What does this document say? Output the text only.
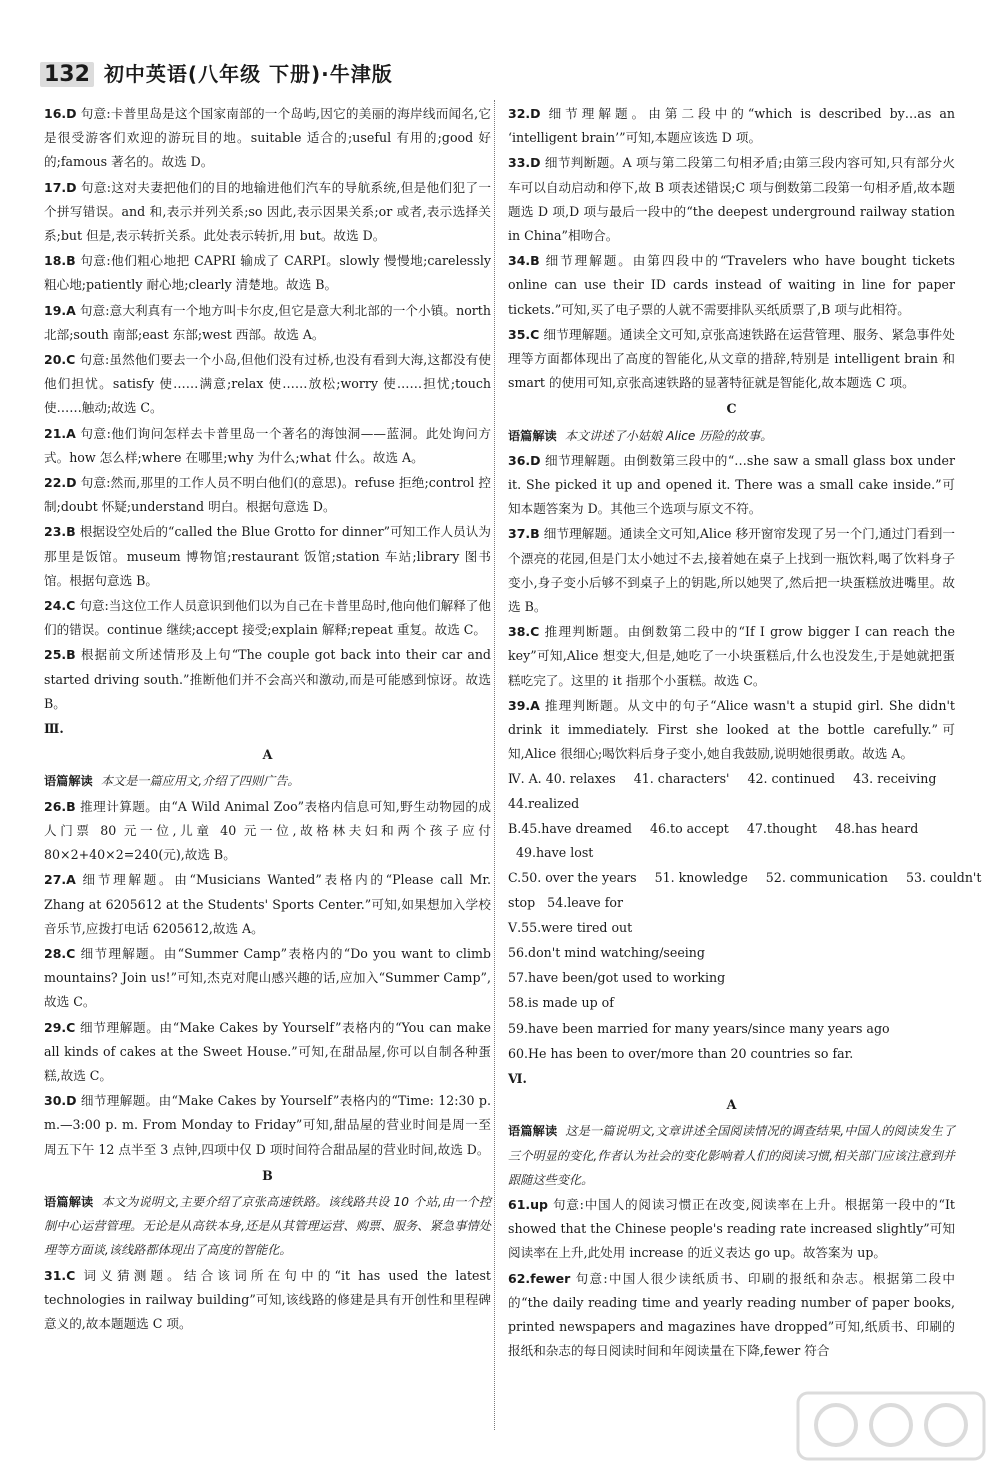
132 初中英语(八年级 下册)·牛津版
16.D 句意:卡普里岛是这个国家南部的一个岛屿,因它的美丽的海岸线而闻名,它是很受游客们欢迎的游玩目的地。suitable 适合的;useful 有用的;good 好的;famous 著名的。故选 D。
17.D 句意:这对夫妻把他们的目的地输进他们汽车的导航系统,但是他们犯了一个拼写错误。and 和,表示并列关系;so 因此,表示因果关系;or 或者,表示选择关系;but 但是,表示转折关系。此处表示转折,用 but。故选 D。
18.B 句意:他们粗心地把 CAPRI 输成了 CARPI。slowly 慢慢地;carelessly 粗心地;patiently 耐心地;clearly 清楚地。故选 B。
19.A 句意:意大利真有一个地方叫卡尔皮,但它是意大利北部的一个小镇。north 北部;south 南部;east 东部;west 西部。故选 A。
20.C 句意:虽然他们要去一个小岛,但他们没有过桥,也没有看到大海,这都没有使他们担忧。satisfy 使……满意;relax 使……放松;worry 使……担忧;touch 使……触动;故选 C。
21.A 句意:他们询问怎样去卡普里岛一个著名的海蚀洞——蓝洞。此处询问方式。how 怎么样;where 在哪里;why 为什么;what 什么。故选 A。
22.D 句意:然而,那里的工作人员不明白他们(的意思)。refuse 拒绝;control 控制;doubt 怀疑;understand 明白。根据句意选 D。
23.B 根据设空处后的“called the Blue Grotto for dinner”可知工作人员认为那里是饭馆。museum 博物馆;restaurant 饭馆;station 车站;library 图书馆。根据句意选 B。
24.C 句意:当这位工作人员意识到他们以为自己在卡普里岛时,他向他们解释了他们的错误。continue 继续;accept 接受;explain 解释;repeat 重复。故选 C。
25.B 根据前文所述情形及上句“The couple got back into their car and started driving south.”推断他们并不会高兴和激动,而是可能感到惊讶。故选 B。
Ⅲ.
A
语篇解读 本文是一篇应用文,介绍了四则广告。
26.B 推理计算题。由“A Wild Animal Zoo”表格内信息可知,野生动物园的成人门票 80 元一位,儿童 40 元一位,故格林夫妇和两个孩子应付 80×2+40×2=240(元),故选 B。
27.A 细节理解题。由“Musicians Wanted”表格内的“Please call Mr. Zhang at 6205612 at the Students' Sports Center.”可知,如果想加入学校音乐节,应拨打电话 6205612,故选 A。
28.C 细节理解题。由“Summer Camp”表格内的“Do you want to climb mountains? Join us!”可知,杰克对爬山感兴趣的话,应加入“Summer Camp”,故选 C。
29.C 细节理解题。由“Make Cakes by Yourself”表格内的“You can make all kinds of cakes at the Sweet House.”可知,在甜品屋,你可以自制各种蛋糕,故选 C。
30.D 细节理解题。由“Make Cakes by Yourself”表格内的“Time: 12:30 p. m.—3:00 p. m. From Monday to Friday”可知,甜品屋的营业时间是周一至周五下午 12 点半至 3 点钟,四项中仅 D 项时间符合甜品屋的营业时间,故选 D。
B
语篇解读 本文为说明文,主要介绍了京张高速铁路。该线路共设 10 个站,由一个控制中心运营管理。无论是从高铁本身,还是从其管理运营、购票、服务、紧急事情处理等方面谈,该线路都体现出了高度的智能化。
31.C 词义猜测题。结合该词所在句中的“it has used the latest technologies in railway building”可知,该线路的修建是具有开创性和里程碑意义的,故本题题选 C 项。
32.D 细节理解题。由第二段中的“which is described by…as an ‘intelligent brain’”可知,本题应该选 D 项。
33.D 细节判断题。A 项与第二段第二句相矛盾;由第三段内容可知,只有部分火车可以自动启动和停下,故 B 项表述错误;C 项与倒数第二段第一句相矛盾,故本题题选 D 项,D 项与最后一段中的“the deepest underground railway station in China”相吻合。
34.B 细节理解题。由第四段中的“Travelers who have bought tickets online can use their ID cards instead of waiting in line for paper tickets.”可知,买了电子票的人就不需要排队买纸质票了,B 项与此相符。
35.C 细节理解题。通读全文可知,京张高速铁路在运营管理、服务、紧急事件处理等方面都体现出了高度的智能化,从文章的措辞,特别是 intelligent brain 和 smart 的使用可知,京张高速铁路的显著特征就是智能化,故本题选 C 项。
C
语篇解读 本文讲述了小姑娘 Alice 历险的故事。
36.D 细节理解题。由倒数第三段中的“…she saw a small glass box under it. She picked it up and opened it. There was a small cake inside.”可知本题答案为 D。其他三个选项与原文不符。
37.B 细节理解题。通读全文可知,Alice 移开窗帘发现了另一个门,通过门看到一个漂亮的花园,但是门太小她过不去,接着她在桌子上找到一瓶饮料,喝了饮料身子变小,身子变小后够不到桌子上的钥匙,所以她哭了,然后把一块蛋糕放进嘴里。故选 B。
38.C 推理判断题。由倒数第二段中的“If I grow bigger I can reach the key”可知,Alice 想变大,但是,她吃了一小块蛋糕后,什么也没发生,于是她就把蛋糕吃完了。这里的 it 指那个小蛋糕。故选 C。
39.A 推理判断题。从文中的句子“Alice wasn't a stupid girl. She didn't drink it immediately. First she looked at the bottle carefully.”可知,Alice 很细心;喝饮料后身子变小,她自我鼓励,说明她很勇敢。故选 A。
Ⅳ. A. 40. relaxes 41. characters' 42. continued 43. receiving
44.realized
B.45.have dreamed 46.to accept 47.thought 48.has heard
49.have lost
C.50. over the years 51. knowledge 52. communication 53. couldn't
stop   54.leave for
Ⅴ.55.were tired out
56.don't mind watching/seeing
57.have been/got used to working
58.is made up of
59.have been married for many years/since many years ago
60.He has been to over/more than 20 countries so far.
Ⅵ.
A
语篇解读 这是一篇说明文,文章讲述全国阅读情况的调查结果,中国人的阅读发生了三个明显的变化,作者认为社会的变化影响着人们的阅读习惯,相关部门应该注意到并跟随这些变化。
61.up 句意:中国人的阅读习惯正在改变,阅读率在上升。根据第一段中的“It showed that the Chinese people's reading rate increased slightly”可知阅读率在上升,此处用 increase 的近义表达 go up。故答案为 up。
62.fewer 句意:中国人很少读纸质书、印刷的报纸和杂志。根据第二段中的“the daily reading time and yearly reading number of paper books, printed newspapers and magazines have dropped”可知,纸质书、印刷的报纸和杂志的每日阅读时间和年阅读量在下降,fewer 符合
